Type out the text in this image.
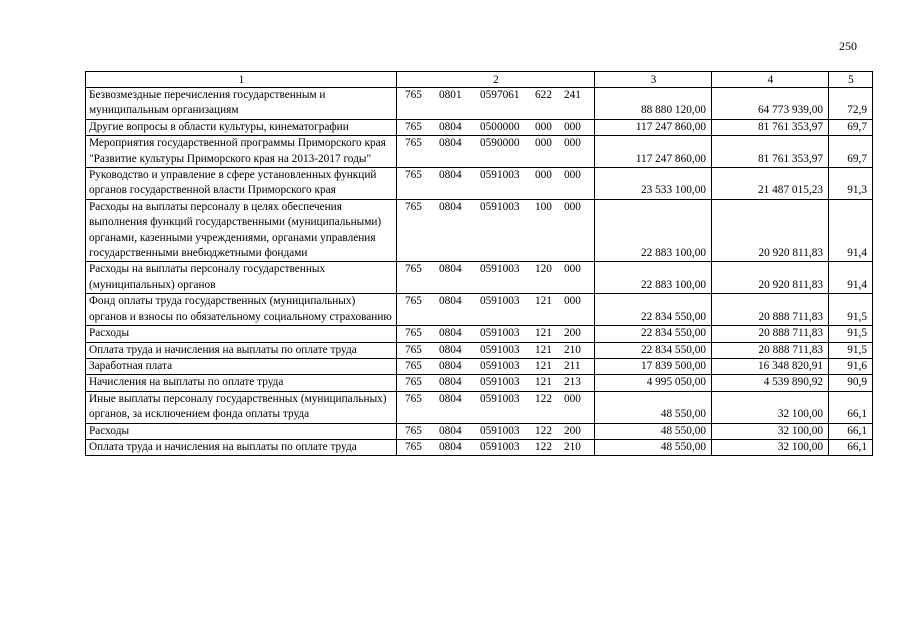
250
1	2	3	4	5
Безвозмездные перечисления государственным и муниципальным организациям	765 0801 0597061 622 241	88 880 120,00	64 773 939,00	72,9
Другие вопросы в области культуры, кинематографии	765 0804 0500000 000 000	117 247 860,00	81 761 353,97	69,7
Мероприятия государственной программы Приморского края "Развитие культуры Приморского края на 2013-2017 годы"	765 0804 0590000 000 000	117 247 860,00	81 761 353,97	69,7
Руководство и управление в сфере установленных функций органов государственной власти Приморского края	765 0804 0591003 000 000	23 533 100,00	21 487 015,23	91,3
Расходы на выплаты персоналу в целях обеспечения выполнения функций государственными (муниципальными) органами, казенными учреждениями, органами управления государственными внебюджетными фондами	765 0804 0591003 100 000	22 883 100,00	20 920 811,83	91,4
Расходы на выплаты персоналу государственных (муниципальных) органов	765 0804 0591003 120 000	22 883 100,00	20 920 811,83	91,4
Фонд оплаты труда государственных (муниципальных) органов и взносы по обязательному социальному страхованию	765 0804 0591003 121 000	22 834 550,00	20 888 711,83	91,5
Расходы	765 0804 0591003 121 200	22 834 550,00	20 888 711,83	91,5
Оплата труда и начисления на выплаты по оплате труда	765 0804 0591003 121 210	22 834 550,00	20 888 711,83	91,5
Заработная плата	765 0804 0591003 121 211	17 839 500,00	16 348 820,91	91,6
Начисления на выплаты по оплате труда	765 0804 0591003 121 213	4 995 050,00	4 539 890,92	90,9
Иные выплаты персоналу государственных (муниципальных) органов, за исключением фонда оплаты труда	765 0804 0591003 122 000	48 550,00	32 100,00	66,1
Расходы	765 0804 0591003 122 200	48 550,00	32 100,00	66,1
Оплата труда и начисления на выплаты по оплате труда	765 0804 0591003 122 210	48 550,00	32 100,00	66,1
